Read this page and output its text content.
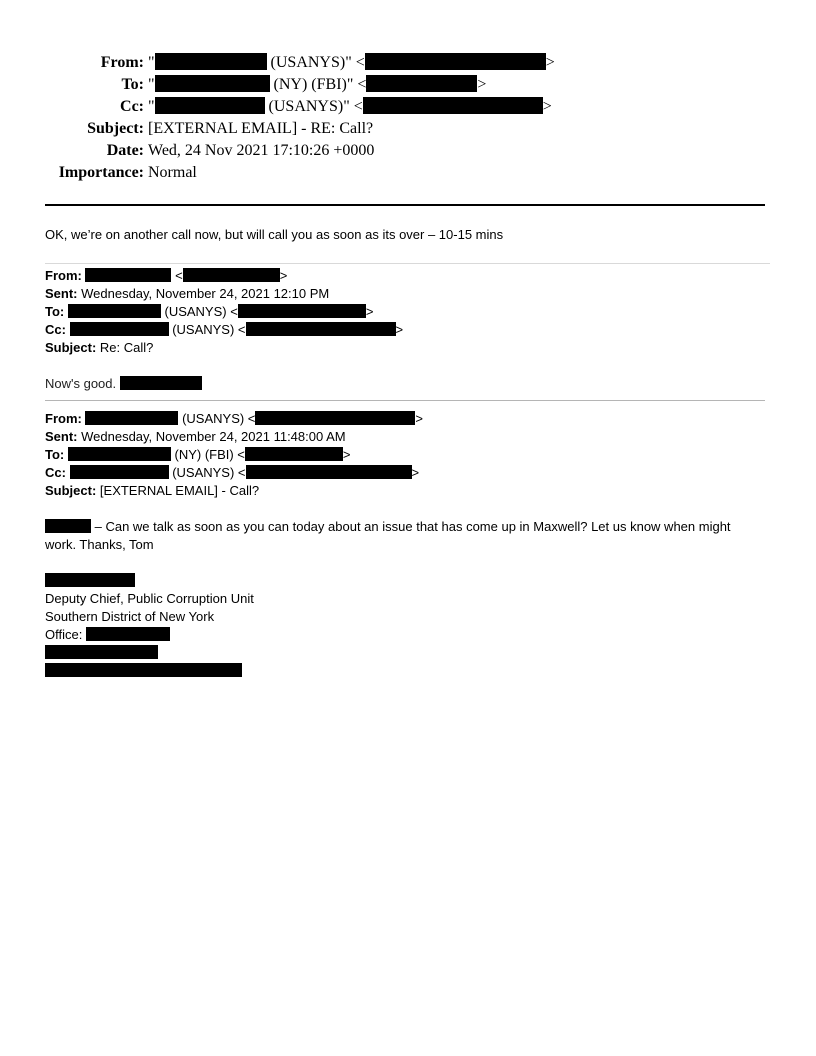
From: "	(USANYS)" <	>
To: "	(NY) (FBI)" <	>
Cc: "	(USANYS)" <	>
Subject: [EXTERNAL EMAIL] - RE: Call?
Date: Wed, 24 Nov 2021 17:10:26 +0000
Importance: Normal
OK, we’re on another call now, but will call you as soon as its over – 10-15 mins
From:	<	>
Sent: Wednesday, November 24, 2021 12:10 PM
To:	(USANYS) <	>
Cc:	(USANYS) <	>
Subject: Re: Call?
Now's good.
From:	(USANYS) <	>
Sent: Wednesday, November 24, 2021 11:48:00 AM
To:	(NY) (FBI) <	>
Cc:	(USANYS) <	>
Subject: [EXTERNAL EMAIL] - Call?
– Can we talk as soon as you can today about an issue that has come up in Maxwell? Let us know when might work. Thanks, Tom
Deputy Chief, Public Corruption Unit
Southern District of New York
Office:
